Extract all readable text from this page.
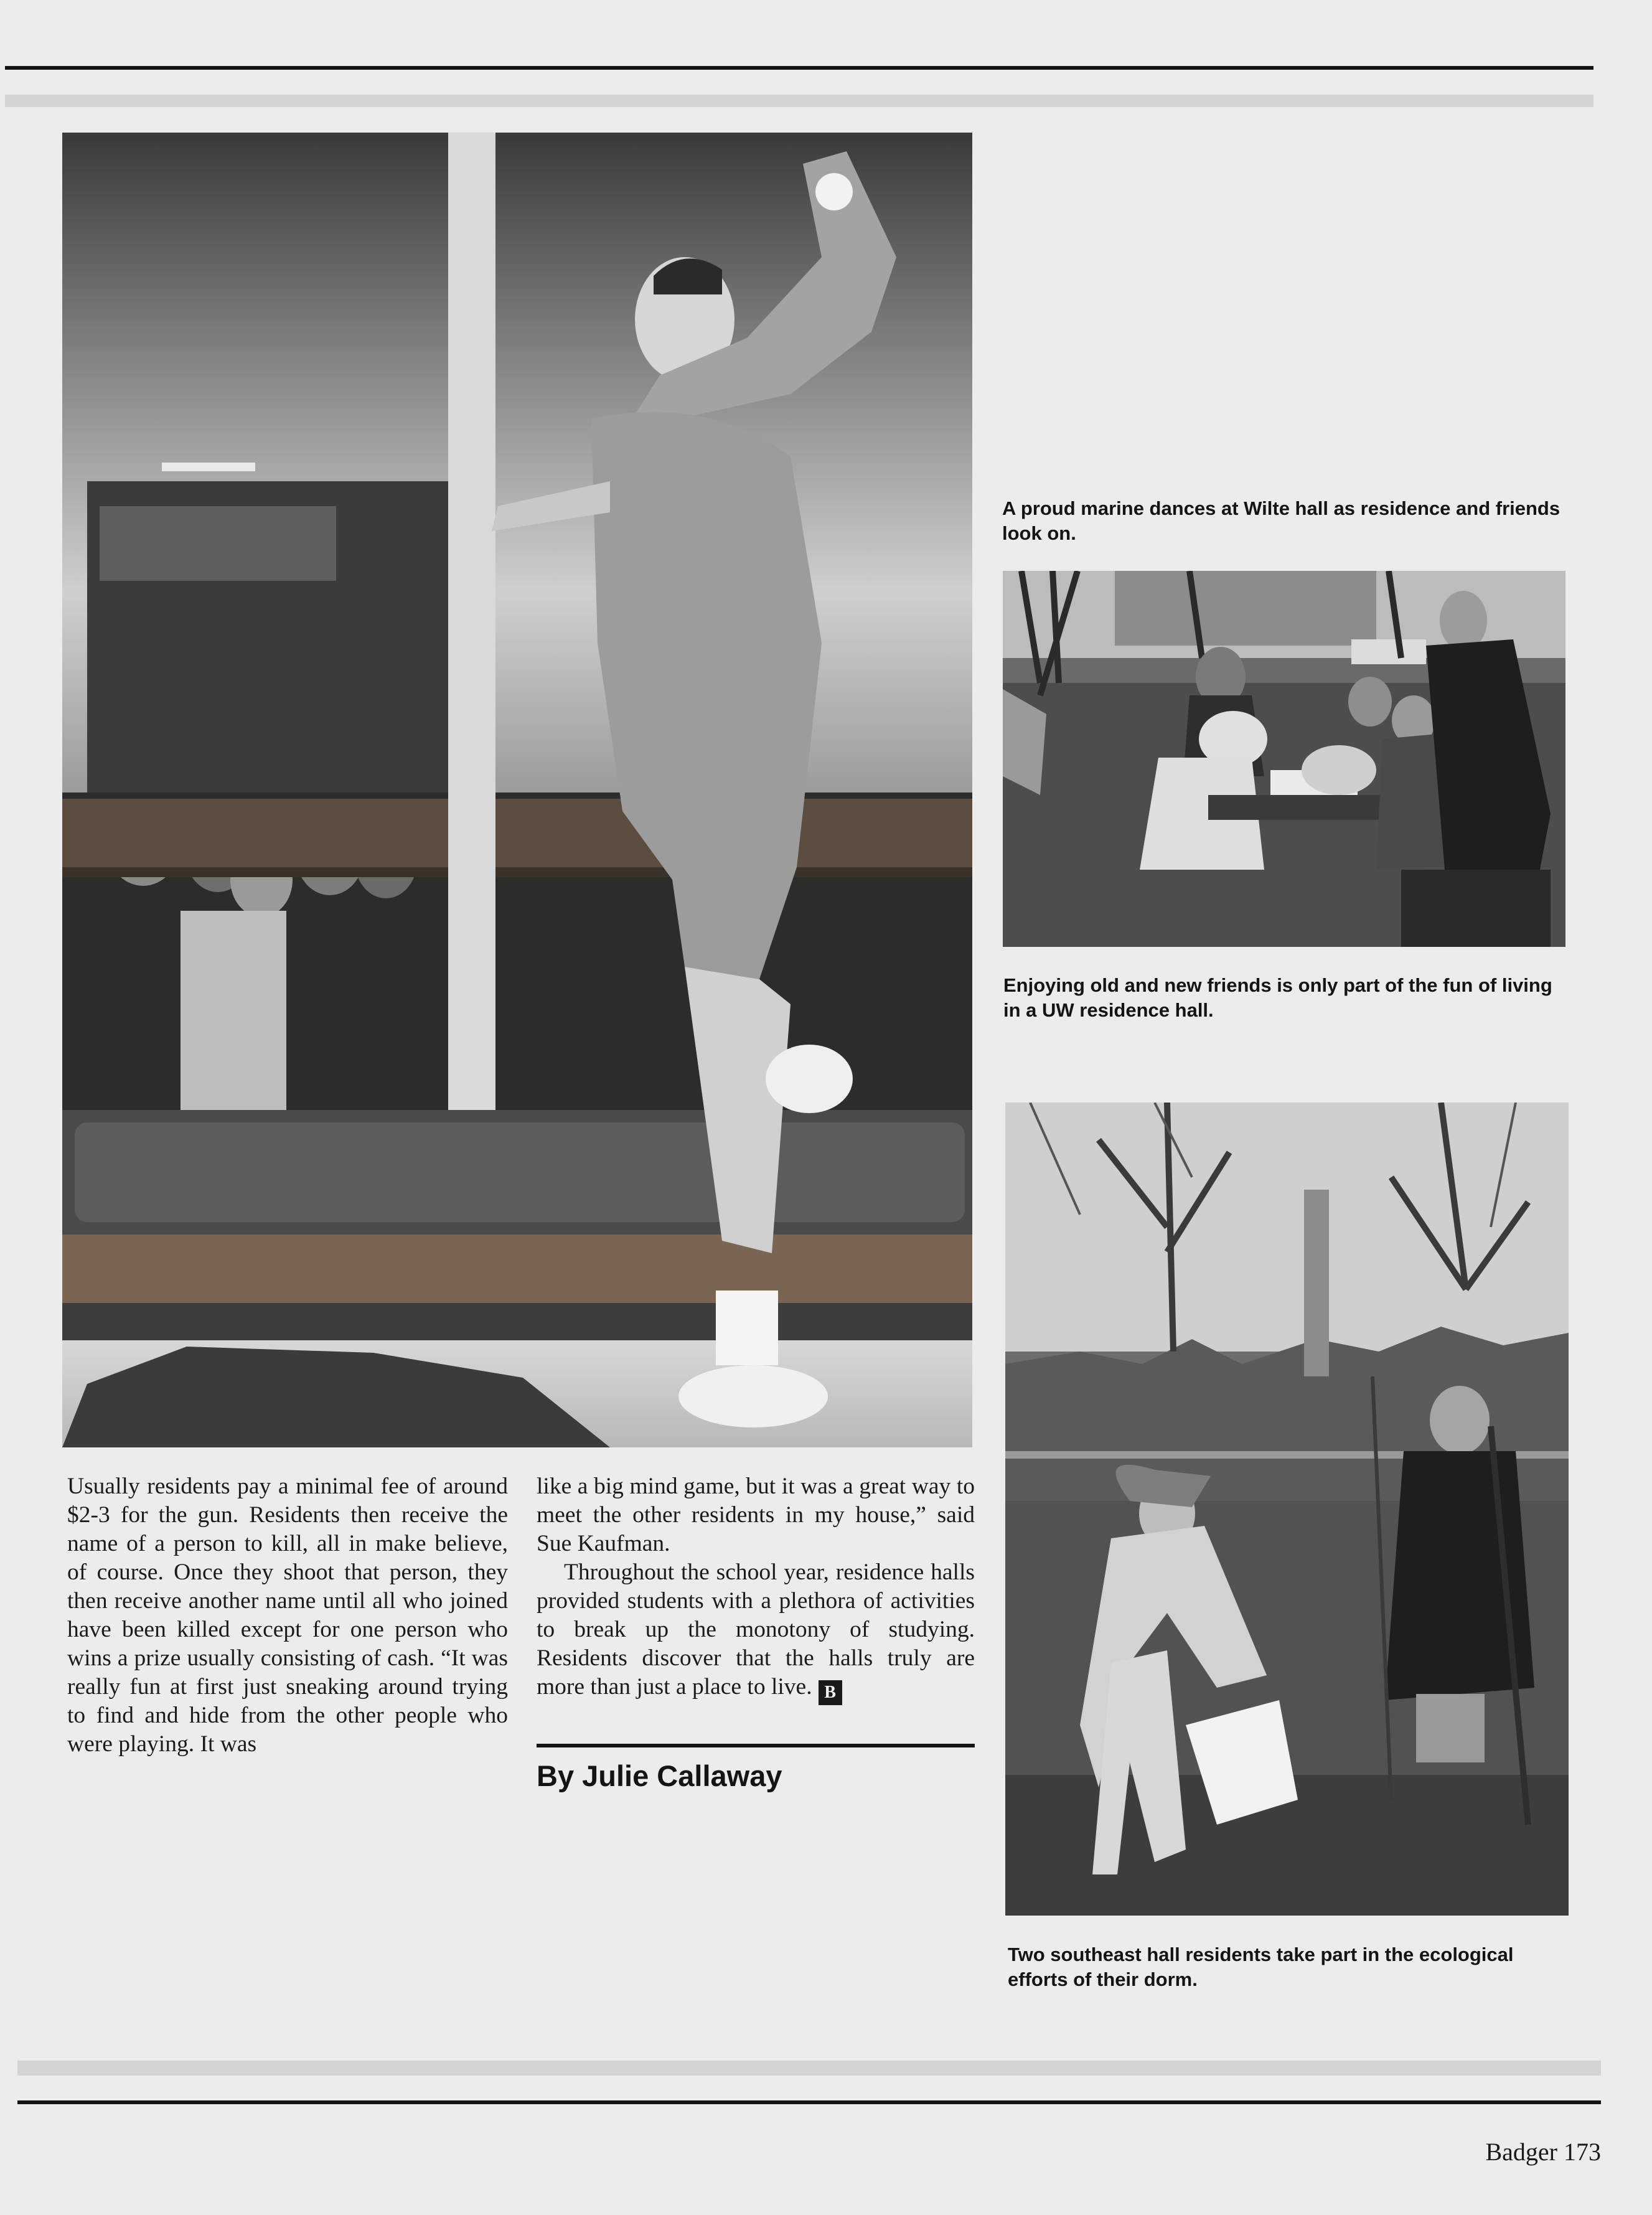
A proud marine dances at Wilte hall as residence and friends look on.

Enjoying old and new friends is only part of the fun of living in a UW residence hall.

Two southeast hall residents take part in the ecological efforts of their dorm.

Usually residents pay a minimal fee of around $2-3 for the gun. Residents then receive the name of a person to kill, all in make believe, of course. Once they shoot that person, they then receive another name until all who joined have been killed except for one person who wins a prize usually consisting of cash. “It was really fun at first just sneaking around trying to find and hide from the other people who were playing. It was

like a big mind game, but it was a great way to meet the other residents in my house,” said Sue Kaufman.

Throughout the school year, residence halls provided students with a plethora of activities to break up the monotony of studying. Residents discover that the halls truly are more than just a place to live. B

By Julie Callaway

Badger 173
